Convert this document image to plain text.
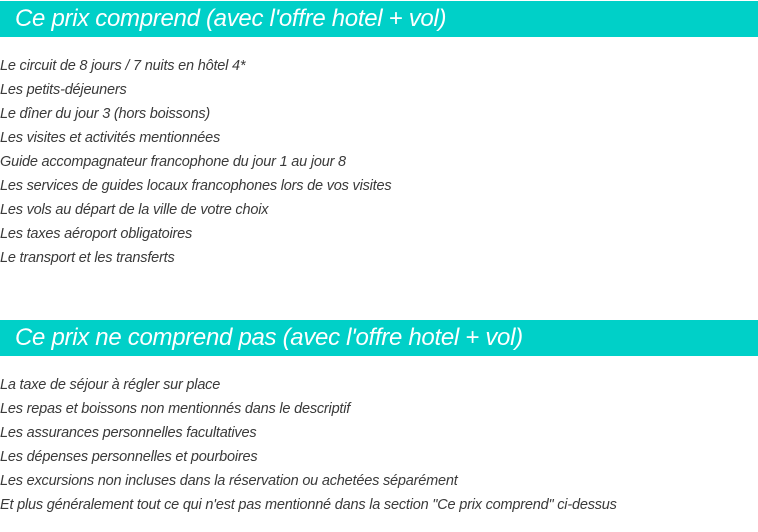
Ce prix comprend (avec l'offre hotel + vol)
Le circuit de 8 jours / 7 nuits en hôtel 4*
Les petits-déjeuners
Le dîner du jour 3 (hors boissons)
Les visites et activités mentionnées
Guide accompagnateur francophone du jour 1 au jour 8
Les services de guides locaux francophones lors de vos visites
Les vols au départ de la ville de votre choix
Les taxes aéroport obligatoires
Le transport et les transferts
Ce prix ne comprend pas (avec l'offre hotel + vol)
La taxe de séjour à régler sur place
Les repas et boissons non mentionnés dans le descriptif
Les assurances personnelles facultatives
Les dépenses personnelles et pourboires
Les excursions non incluses dans la réservation ou achetées séparément
Et plus généralement tout ce qui n'est pas mentionné dans la section "Ce prix comprend" ci-dessus
